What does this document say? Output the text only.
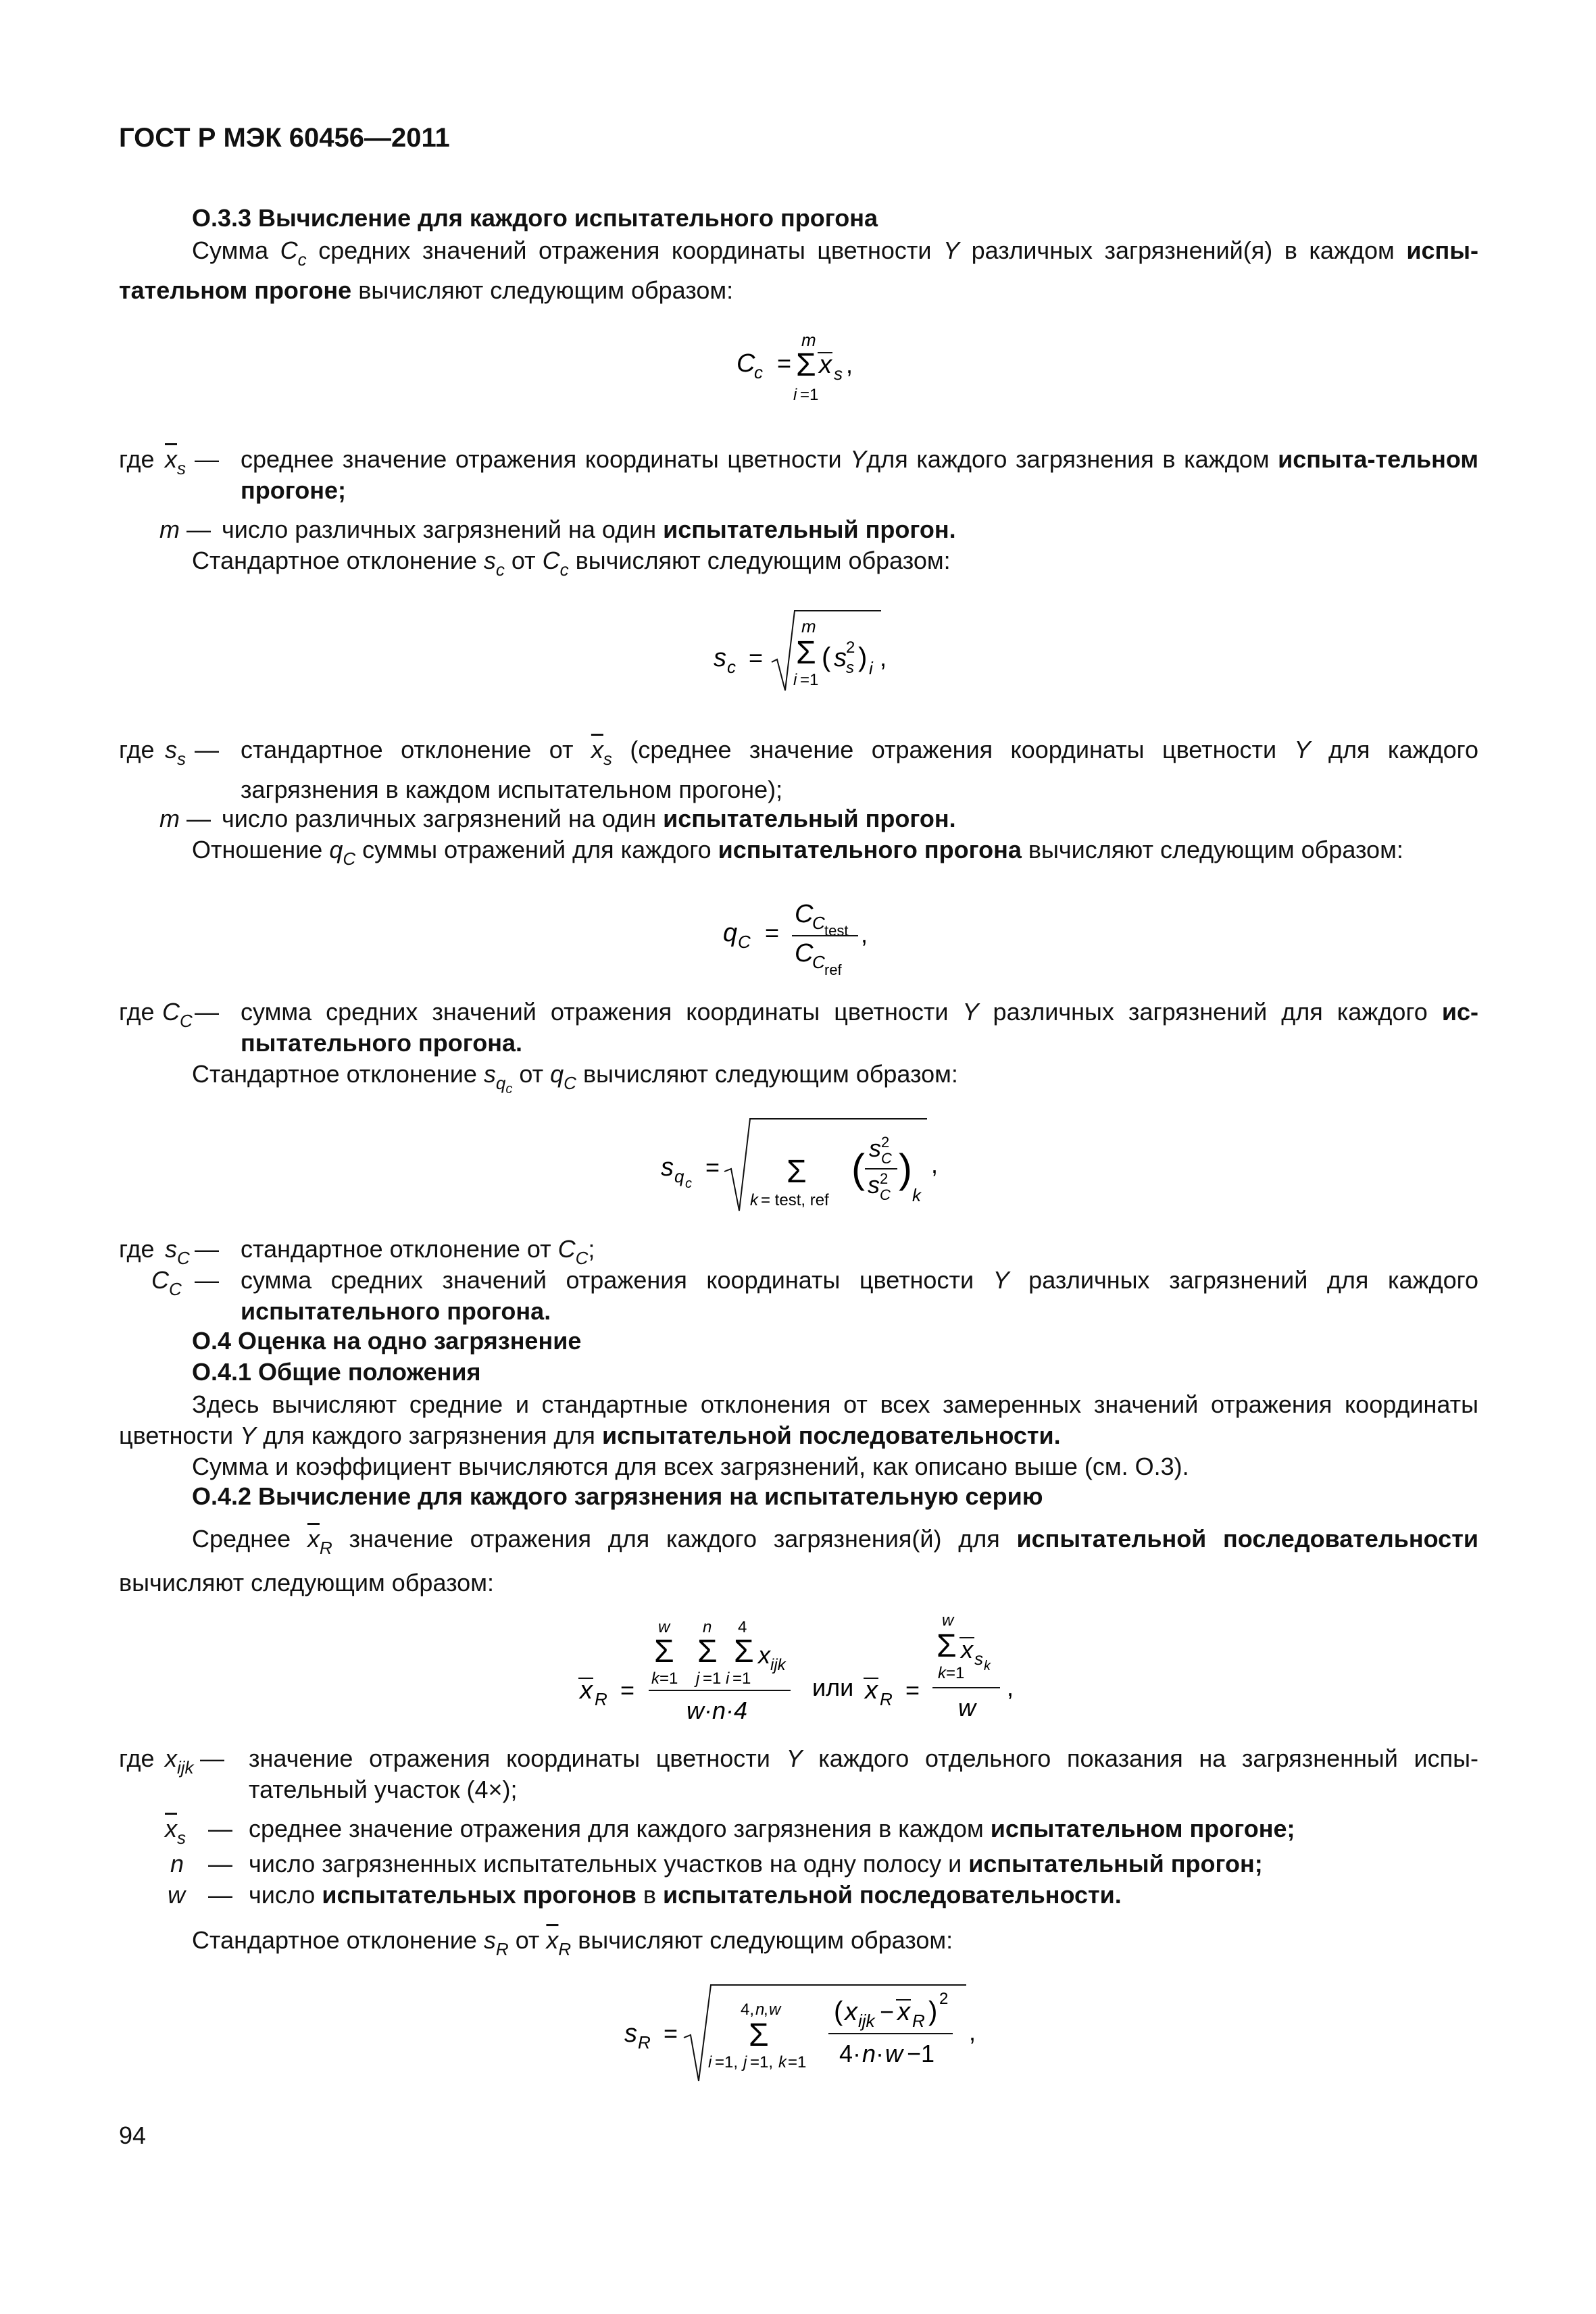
ГОСТ Р МЭК 60456—2011
О.3.3 Вычисление для каждого испытательного прогона
Сумма $C_c$ средних значений отражения координаты цветности Y различных загрязнений(я) в каждом испы-тательном прогоне вычисляют следующим образом:
C
c =
m
Σ
i =1
x s ,
где $\overline{x}_s$ — среднее значение отражения координаты цветности Yдля каждого загрязнения в каждом испыта-тельном прогоне;
m — число различных загрязнений на один испытательный прогон.
Стандартное отклонение $s_c$ от $C_c$ вычисляют следующим образом:
s c =
m
Σ
i =1
( s 2
s ) i ,
где $s_s$ — стандартное отклонение от $\overline{x}_s$ (среднее значение отражения координаты цветности Y для каждого загрязнения в каждом испытательном прогоне);
m — число различных загрязнений на один испытательный прогон.
Отношение $q_C$ суммы отражений для каждого испытательного прогона вычисляют следующим образом:
q C =
C
C test
C
C ref
,
где $C_C$ — сумма средних значений отражения координаты цветности Y различных загрязнений для каждого ис-пытательного прогона.
Стандартное отклонение $s_{q_c}$ от $q_C$ вычисляют следующим образом:
s q c
= Σ
k = test, ref
( s 2
C
s 2
C
)
k
,
где $s_C$ — стандартное отклонение от $C_C$;
$C_C$ — сумма средних значений отражения координаты цветности Y различных загрязнений для каждого испытательного прогона.
О.4 Оценка на одно загрязнение
О.4.1 Общие положения
Здесь вычисляют средние и стандартные отклонения от всех замеренных значений отражения координаты цветности Y для каждого загрязнения для испытательной последовательности.
Сумма и коэффициент вычисляются для всех загрязнений, как описано выше (см. О.3).
О.4.2 Вычисление для каждого загрязнения на испытательную серию
Среднее $\overline{x}_R$ значение отражения для каждого загрязнения(й) для испытательной последовательности вычисляют следующим образом:
x R =
w
Σ
n
Σ
4
Σ x ijk
k =1 j =1 i =1
w·n·4
или x R =
w
Σ x s k
k =1
w
,
где $x_{ijk}$ — значение отражения координаты цветности Y каждого отдельного показания на загрязненный испы-тательный участок (4×);
$\overline{x}_s$ — среднее значение отражения для каждого загрязнения в каждом испытательном прогоне;
n — число загрязненных испытательных участков на одну полосу и испытательный прогон;
w — число испытательных прогонов в испытательной последовательности.
Стандартное отклонение $s_R$ от $\overline{x}_R$ вычисляют следующим образом:
s R =
4, n
, w
Σ
i =1, j =1, k =1
( x ijk − x R ) 2
4· n · w −1
,
94
